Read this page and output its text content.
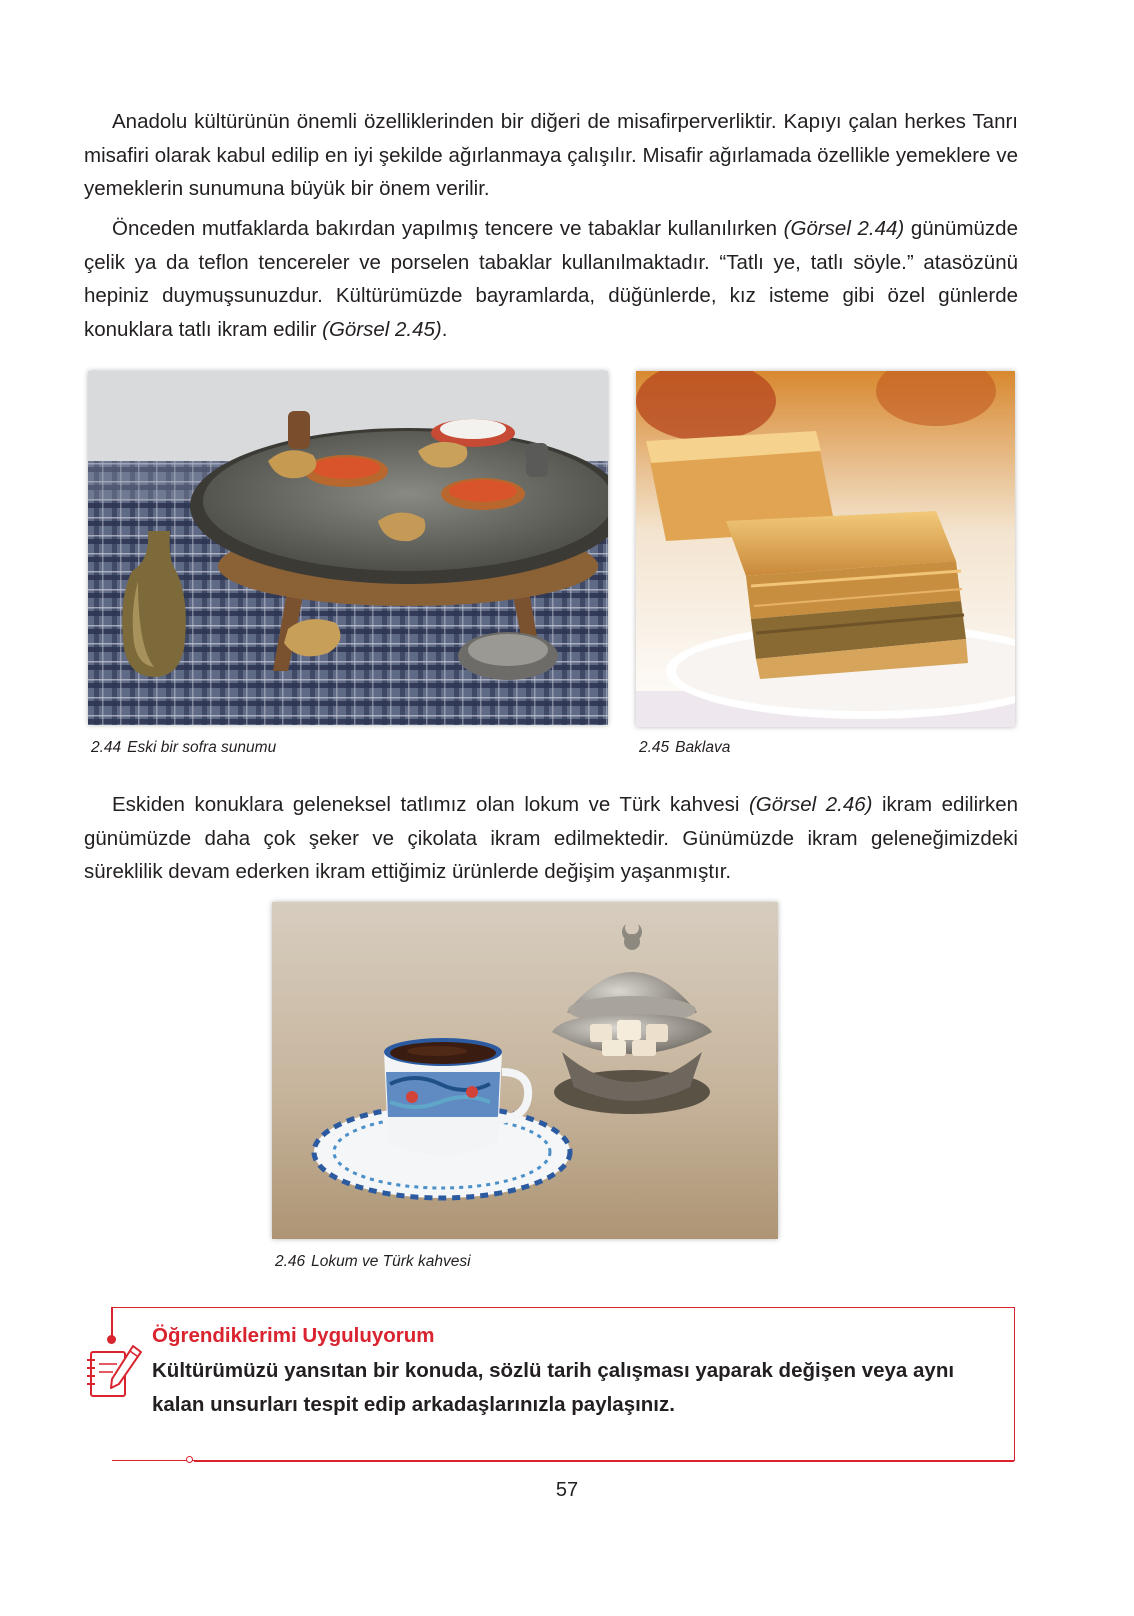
Anadolu kültürünün önemli özelliklerinden bir diğeri de misafirperverliktir. Kapıyı çalan herkes Tanrı misafiri olarak kabul edilip en iyi şekilde ağırlanmaya çalışılır. Misafir ağırlamada özellikle yemeklere ve yemeklerin sunumuna büyük bir önem verilir.

Önceden mutfaklarda bakırdan yapılmış tencere ve tabaklar kullanılırken (Görsel 2.44) günümüzde çelik ya da teflon tencereler ve porselen tabaklar kullanılmaktadır. “Tatlı ye, tatlı söyle.” atasözünü hepiniz duymuşsunuzdur. Kültürümüzde bayramlarda, düğünlerde, kız isteme gibi özel günlerde konuklara tatlı ikram edilir (Görsel 2.45).

2.44 Eski bir sofra sunumu	2.45 Baklava

Eskiden konuklara geleneksel tatlımız olan lokum ve Türk kahvesi (Görsel 2.46) ikram edilirken günümüzde daha çok şeker ve çikolata ikram edilmektedir. Günümüzde ikram geleneğimizdeki süreklilik devam ederken ikram ettiğimiz ürünlerde değişim yaşanmıştır.

2.46 Lokum ve Türk kahvesi

Öğrendiklerimi Uyguluyorum

Kültürümüzü yansıtan bir konuda, sözlü tarih çalışması yaparak değişen veya aynı kalan unsurları tespit edip arkadaşlarınızla paylaşınız.

57
